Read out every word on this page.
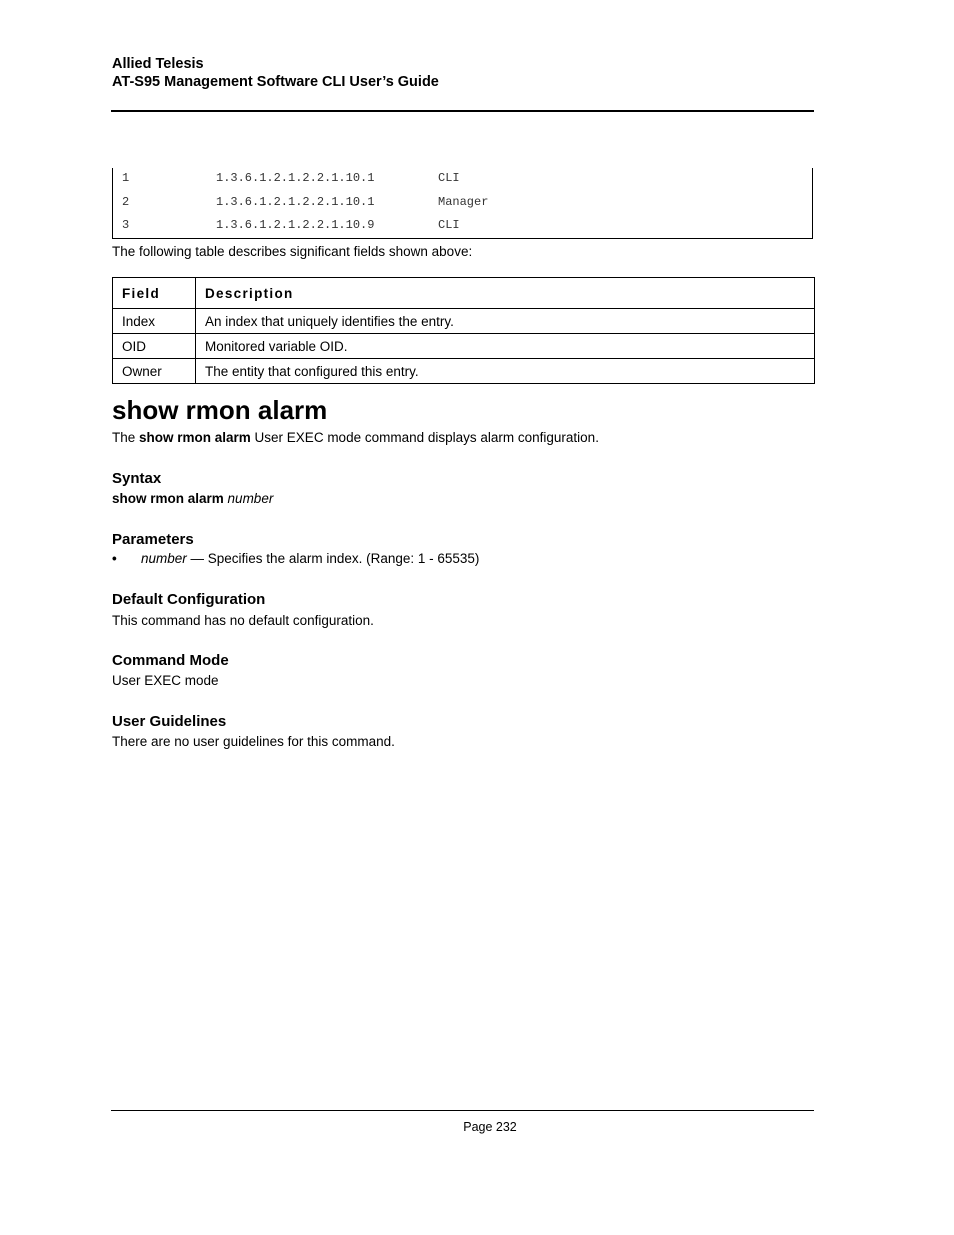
Allied Telesis
AT-S95 Management Software CLI User’s Guide
1	1.3.6.1.2.1.2.2.1.10.1	CLI
2	1.3.6.1.2.1.2.2.1.10.1	Manager
3	1.3.6.1.2.1.2.2.1.10.9	CLI
The following table describes significant fields shown above:
Field	Description
Index	An index that uniquely identifies the entry.
OID	Monitored variable OID.
Owner	The entity that configured this entry.
show rmon alarm
The show rmon alarm User EXEC mode command displays alarm configuration.
Syntax
show rmon alarm number
Parameters
• number — Specifies the alarm index. (Range: 1 - 65535)
Default Configuration
This command has no default configuration.
Command Mode
User EXEC mode
User Guidelines
There are no user guidelines for this command.
Page 232
